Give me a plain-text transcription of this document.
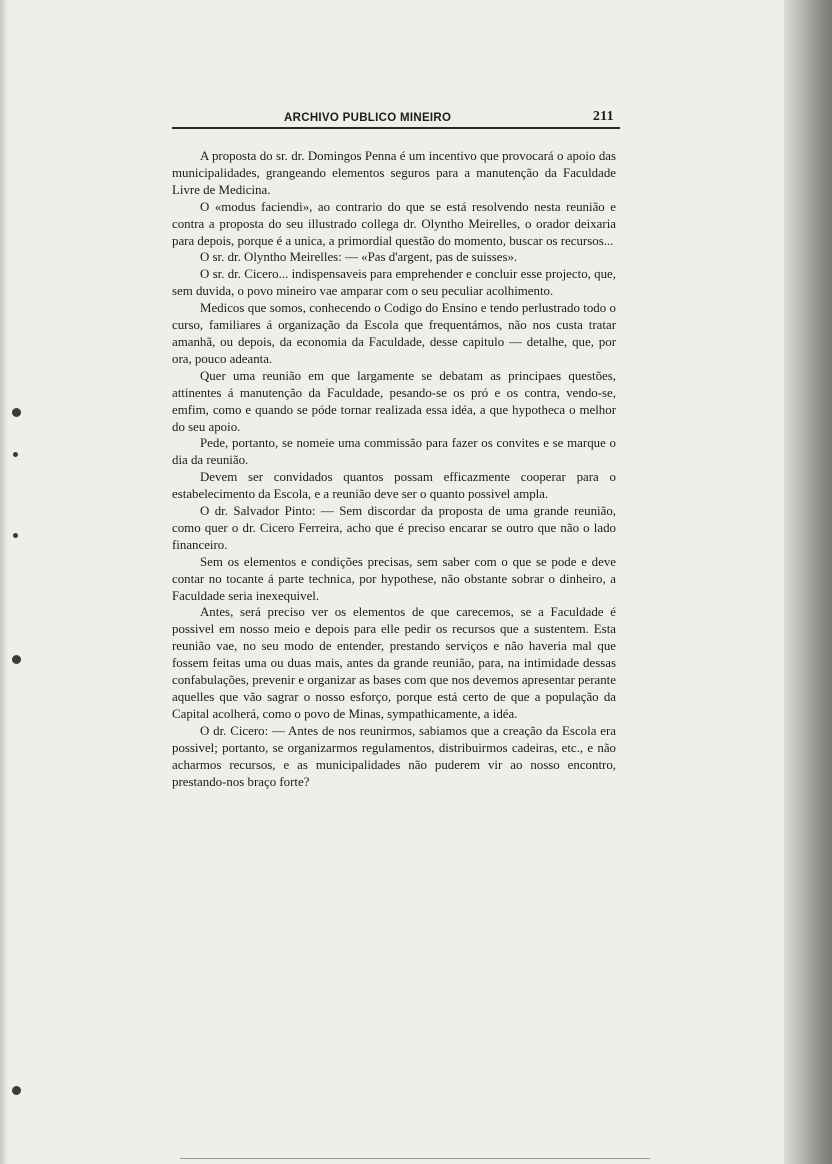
ARCHIVO PUBLICO MINEIRO	211

A proposta do sr. dr. Domingos Penna é um incentivo que provocará o apoio das municipalidades, grangeando elementos seguros para a manutenção da Faculdade Livre de Medicina.

O «modus faciendi», ao contrario do que se está resolvendo nesta reunião e contra a proposta do seu illustrado collega dr. Olyntho Meirelles, o orador deixaria para depois, porque é a unica, a primordial questão do momento, buscar os recursos...

O sr. dr. Olyntho Meirelles: — «Pas d'argent, pas de suisses».

O sr. dr. Cicero... indispensaveis para emprehender e concluir esse projecto, que, sem duvida, o povo mineiro vae amparar com o seu peculiar acolhimento.

Medicos que somos, conhecendo o Codigo do Ensino e tendo perlustrado todo o curso, familiares á organização da Escola que frequentámos, não nos custa tratar amanhã, ou depois, da economia da Faculdade, desse capitulo — detalhe, que, por ora, pouco adeanta.

Quer uma reunião em que largamente se debatam as principaes questões, attinentes á manutenção da Faculdade, pesando-se os pró e os contra, vendo-se, emfim, como e quando se póde tornar realizada essa idéa, a que hypotheca o melhor do seu apoio.

Pede, portanto, se nomeie uma commissão para fazer os convites e se marque o dia da reunião.

Devem ser convidados quantos possam efficazmente cooperar para o estabelecimento da Escola, e a reunião deve ser o quanto possivel ampla.

O dr. Salvador Pinto: — Sem discordar da proposta de uma grande reunião, como quer o dr. Cicero Ferreira, acho que é preciso encarar se outro que não o lado financeiro.

Sem os elementos e condições precisas, sem saber com o que se pode e deve contar no tocante á parte technica, por hypothese, não obstante sobrar o dinheiro, a Faculdade seria inexequivel.

Antes, será preciso ver os elementos de que carecemos, se a Faculdade é possivel em nosso meio e depois para elle pedir os recursos que a sustentem. Esta reunião vae, no seu modo de entender, prestando serviços e não haveria mal que fossem feitas uma ou duas mais, antes da grande reunião, para, na intimidade dessas confabulações, prevenir e organizar as bases com que nos devemos apresentar perante aquelles que vão sagrar o nosso esforço, porque está certo de que a população da Capital acolherá, como o povo de Minas, sympathicamente, a idéa.

O dr. Cicero: — Antes de nos reunirmos, sabiamos que a creação da Escola era possivel; portanto, se organizarmos regulamentos, distribuirmos cadeiras, etc., e não acharmos recursos, e as municipalidades não puderem vir ao nosso encontro, prestando-nos braço forte?
